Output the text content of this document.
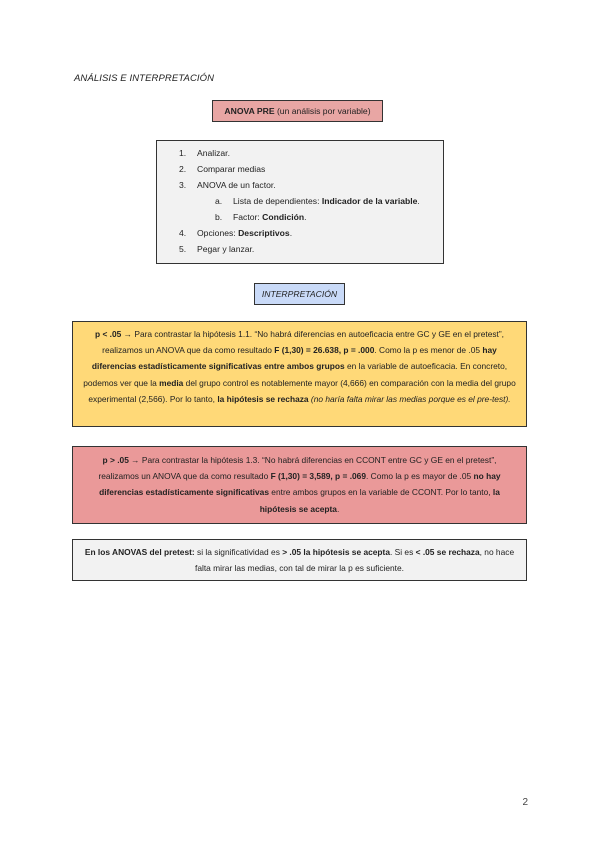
ANÁLISIS E INTERPRETACIÓN
ANOVA PRE (un análisis por variable)
1. Analizar.
2. Comparar medias
3. ANOVA de un factor.
a. Lista de dependientes: Indicador de la variable.
b. Factor: Condición.
4. Opciones: Descriptivos.
5. Pegar y lanzar.
INTERPRETACIÓN
p < .05 → Para contrastar la hipótesis 1.1. “No habrá diferencias en autoeficacia entre GC y GE en el pretest”, realizamos un ANOVA que da como resultado F (1,30) = 26.638, p = .000. Como la p es menor de .05 hay diferencias estadísticamente significativas entre ambos grupos en la variable de autoeficacia. En concreto, podemos ver que la media del grupo control es notablemente mayor (4,666) en comparación con la media del grupo experimental (2,566). Por lo tanto, la hipótesis se rechaza (no haría falta mirar las medias porque es el pre-test).
p > .05 → Para contrastar la hipótesis 1.3. “No habrá diferencias en CCONT entre GC y GE en el pretest”, realizamos un ANOVA que da como resultado F (1,30) = 3,589, p = .069. Como la p es mayor de .05 no hay diferencias estadísticamente significativas entre ambos grupos en la variable de CCONT. Por lo tanto, la hipótesis se acepta.
En los ANOVAS del pretest: si la significatividad es > .05 la hipótesis se acepta. Si es < .05 se rechaza, no hace falta mirar las medias, con tal de mirar la p es suficiente.
2
